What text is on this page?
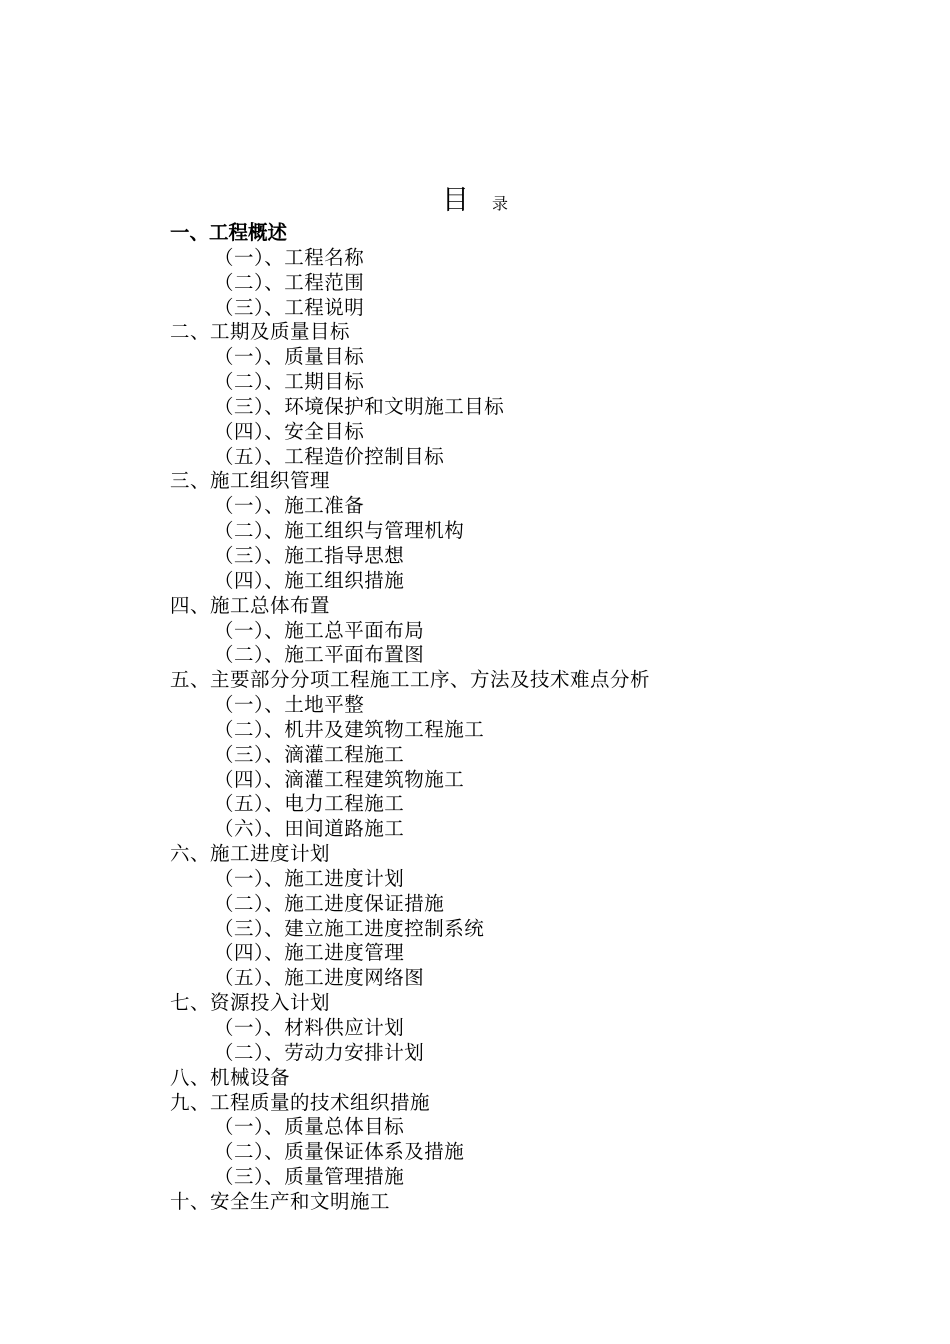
目 录
一、工程概述
（一）、工程名称
（二）、工程范围
（三）、工程说明
二、工期及质量目标
（一）、质量目标
（二）、工期目标
（三）、环境保护和文明施工目标
（四）、安全目标
（五）、工程造价控制目标
三、施工组织管理
（一）、施工准备
（二）、施工组织与管理机构
（三）、施工指导思想
（四）、施工组织措施
四、施工总体布置
（一）、施工总平面布局
（二）、施工平面布置图
五、主要部分分项工程施工工序、方法及技术难点分析
（一）、土地平整
（二）、机井及建筑物工程施工
（三）、滴灌工程施工
（四）、滴灌工程建筑物施工
（五）、电力工程施工
（六）、田间道路施工
六、施工进度计划
（一）、施工进度计划
（二）、施工进度保证措施
（三）、建立施工进度控制系统
（四）、施工进度管理
（五）、施工进度网络图
七、资源投入计划
（一）、材料供应计划
（二）、劳动力安排计划
八、机械设备
九、工程质量的技术组织措施
（一）、质量总体目标
（二）、质量保证体系及措施
（三）、质量管理措施
十、安全生产和文明施工
